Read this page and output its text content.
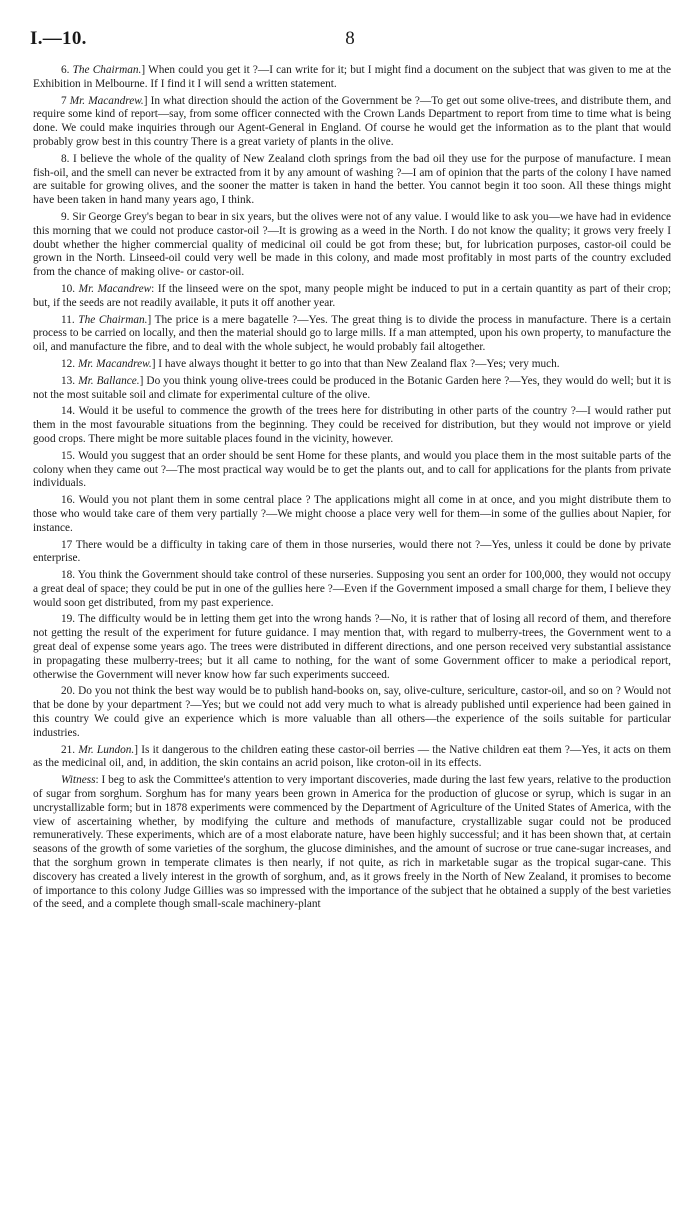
I.—10.	8

6. The Chairman.] When could you get it ?—I can write for it; but I might find a document on the subject that was given to me at the Exhibition in Melbourne. If I find it I will send a written statement.

7 Mr. Macandrew.] In what direction should the action of the Government be ?—To get out some olive-trees, and distribute them, and require some kind of report—say, from some officer connected with the Crown Lands Department to report from time to time what is being done. We could make inquiries through our Agent-General in England. Of course he would get the information as to the plant that would probably grow best in this country There is a great variety of plants in the olive.

8. I believe the whole of the quality of New Zealand cloth springs from the bad oil they use for the purpose of manufacture. I mean fish-oil, and the smell can never be extracted from it by any amount of washing ?—I am of opinion that the parts of the colony I have named are suitable for growing olives, and the sooner the matter is taken in hand the better. You cannot begin it too soon. All these things might have been taken in hand many years ago, I think.

9. Sir George Grey's began to bear in six years, but the olives were not of any value. I would like to ask you—we have had in evidence this morning that we could not produce castor-oil ?—It is growing as a weed in the North. I do not know the quality; it grows very freely I doubt whether the higher commercial quality of medicinal oil could be got from these; but, for lubrication purposes, castor-oil could be grown in the North. Linseed-oil could very well be made in this colony, and made most profitably in most parts of the country excluded from the chance of making olive- or castor-oil.

10. Mr. Macandrew: If the linseed were on the spot, many people might be induced to put in a certain quantity as part of their crop; but, if the seeds are not readily available, it puts it off another year.

11. The Chairman.] The price is a mere bagatelle ?—Yes. The great thing is to divide the process in manufacture. There is a certain process to be carried on locally, and then the material should go to large mills. If a man attempted, upon his own property, to manufacture the oil, and manufacture the fibre, and to deal with the whole subject, he would probably fail altogether.

12. Mr. Macandrew.] I have always thought it better to go into that than New Zealand flax ?—Yes; very much.

13. Mr. Ballance.] Do you think young olive-trees could be produced in the Botanic Garden here ?—Yes, they would do well; but it is not the most suitable soil and climate for experimental culture of the olive.

14. Would it be useful to commence the growth of the trees here for distributing in other parts of the country ?—I would rather put them in the most favourable situations from the beginning. They could be received for distribution, but they would not improve or yield good crops. There might be more suitable places found in the vicinity, however.

15. Would you suggest that an order should be sent Home for these plants, and would you place them in the most suitable parts of the colony when they came out ?—The most practical way would be to get the plants out, and to call for applications for the plants from private individuals.

16. Would you not plant them in some central place ? The applications might all come in at once, and you might distribute them to those who would take care of them very partially ?—We might choose a place very well for them—in some of the gullies about Napier, for instance.

17 There would be a difficulty in taking care of them in those nurseries, would there not ?—Yes, unless it could be done by private enterprise.

18. You think the Government should take control of these nurseries. Supposing you sent an order for 100,000, they would not occupy a great deal of space; they could be put in one of the gullies here ?—Even if the Government imposed a small charge for them, I believe they would soon get distributed, from my past experience.

19. The difficulty would be in letting them get into the wrong hands ?—No, it is rather that of losing all record of them, and therefore not getting the result of the experiment for future guidance. I may mention that, with regard to mulberry-trees, the Government went to a great deal of expense some years ago. The trees were distributed in different directions, and one person received very substantial assistance in propagating these mulberry-trees; but it all came to nothing, for the want of some Government officer to make a periodical report, otherwise the Government will never know how far such experiments succeed.

20. Do you not think the best way would be to publish hand-books on, say, olive-culture, sericulture, castor-oil, and so on ? Would not that be done by your department ?—Yes; but we could not add very much to what is already published until experience had been gained in this country We could give an experience which is more valuable than all others—the experience of the soils suitable for particular industries.

21. Mr. Lundon.] Is it dangerous to the children eating these castor-oil berries — the Native children eat them ?—Yes, it acts on them as the medicinal oil, and, in addition, the skin contains an acrid poison, like croton-oil in its effects.

Witness: I beg to ask the Committee's attention to very important discoveries, made during the last few years, relative to the production of sugar from sorghum. Sorghum has for many years been grown in America for the production of glucose or syrup, which is sugar in an uncrystallizable form; but in 1878 experiments were commenced by the Department of Agriculture of the United States of America, with the view of ascertaining whether, by modifying the culture and methods of manufacture, crystallizable sugar could not be produced remuneratively. These experiments, which are of a most elaborate nature, have been highly successful; and it has been shown that, at certain seasons of the growth of some varieties of the sorghum, the glucose diminishes, and the amount of sucrose or true cane-sugar increases, and that the sorghum grown in temperate climates is then nearly, if not quite, as rich in marketable sugar as the tropical sugar-cane. This discovery has created a lively interest in the growth of sorghum, and, as it grows freely in the North of New Zealand, it promises to become of importance to this colony Judge Gillies was so impressed with the importance of the subject that he obtained a supply of the best varieties of the seed, and a complete though small-scale machinery-plant
